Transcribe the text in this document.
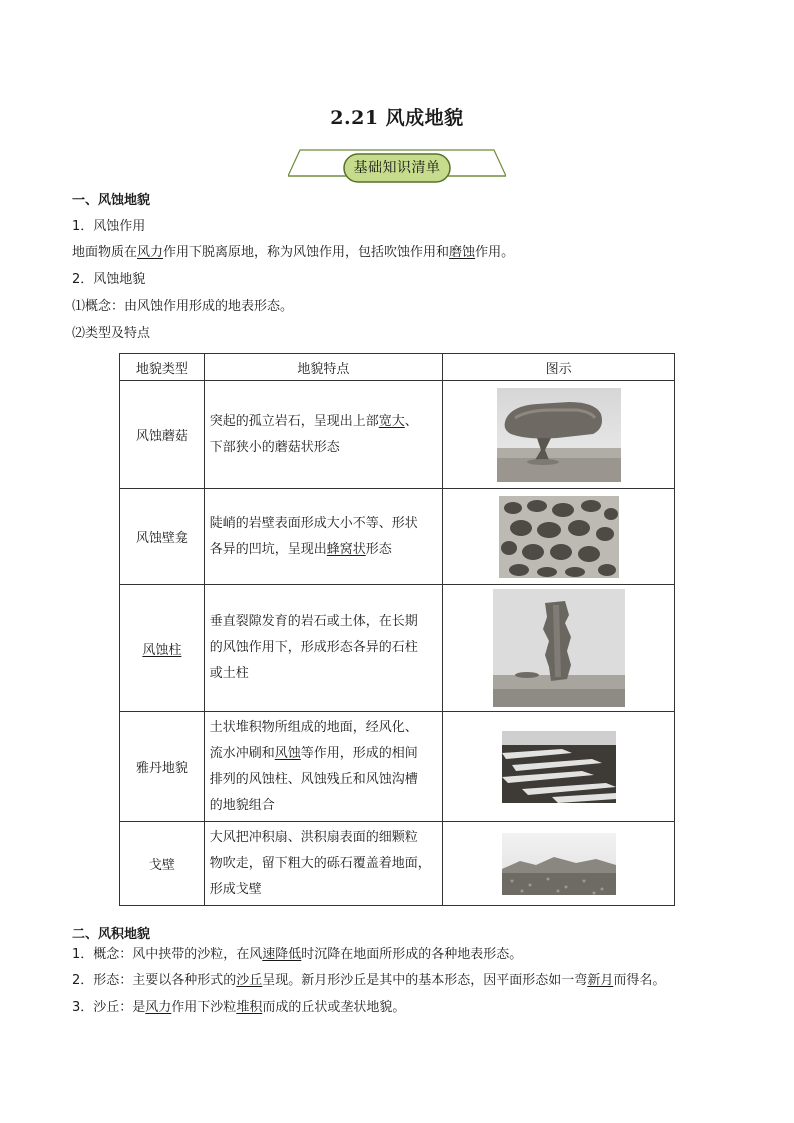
2.21 风成地貌
基础知识清单
一、风蚀地貌
1．风蚀作用
地面物质在风力作用下脱离原地，称为风蚀作用，包括吹蚀作用和磨蚀作用。
2．风蚀地貌
⑴概念：由风蚀作用形成的地表形态。
⑵类型及特点
地貌类型	地貌特点	图示
风蚀蘑菇	突起的孤立岩石，呈现出上部宽大、
下部狭小的蘑菇状形态	
风蚀壁龛	陡峭的岩壁表面形成大小不等、形状
各异的凹坑，呈现出蜂窝状形态	
风蚀柱	垂直裂隙发育的岩石或土体，在长期
的风蚀作用下，形成形态各异的石柱
或土柱	
雅丹地貌	土状堆积物所组成的地面，经风化、
流水冲刷和风蚀等作用，形成的相间
排列的风蚀柱、风蚀残丘和风蚀沟槽
的地貌组合	
戈壁	大风把冲积扇、洪积扇表面的细颗粒
物吹走，留下粗大的砾石覆盖着地面，
形成戈壁	
二、风积地貌
1．概念：风中挟带的沙粒，在风速降低时沉降在地面所形成的各种地表形态。
2．形态：主要以各种形式的沙丘呈现。新月形沙丘是其中的基本形态，因平面形态如一弯新月而得名。
3．沙丘：是风力作用下沙粒堆积而成的丘状或垄状地貌。
